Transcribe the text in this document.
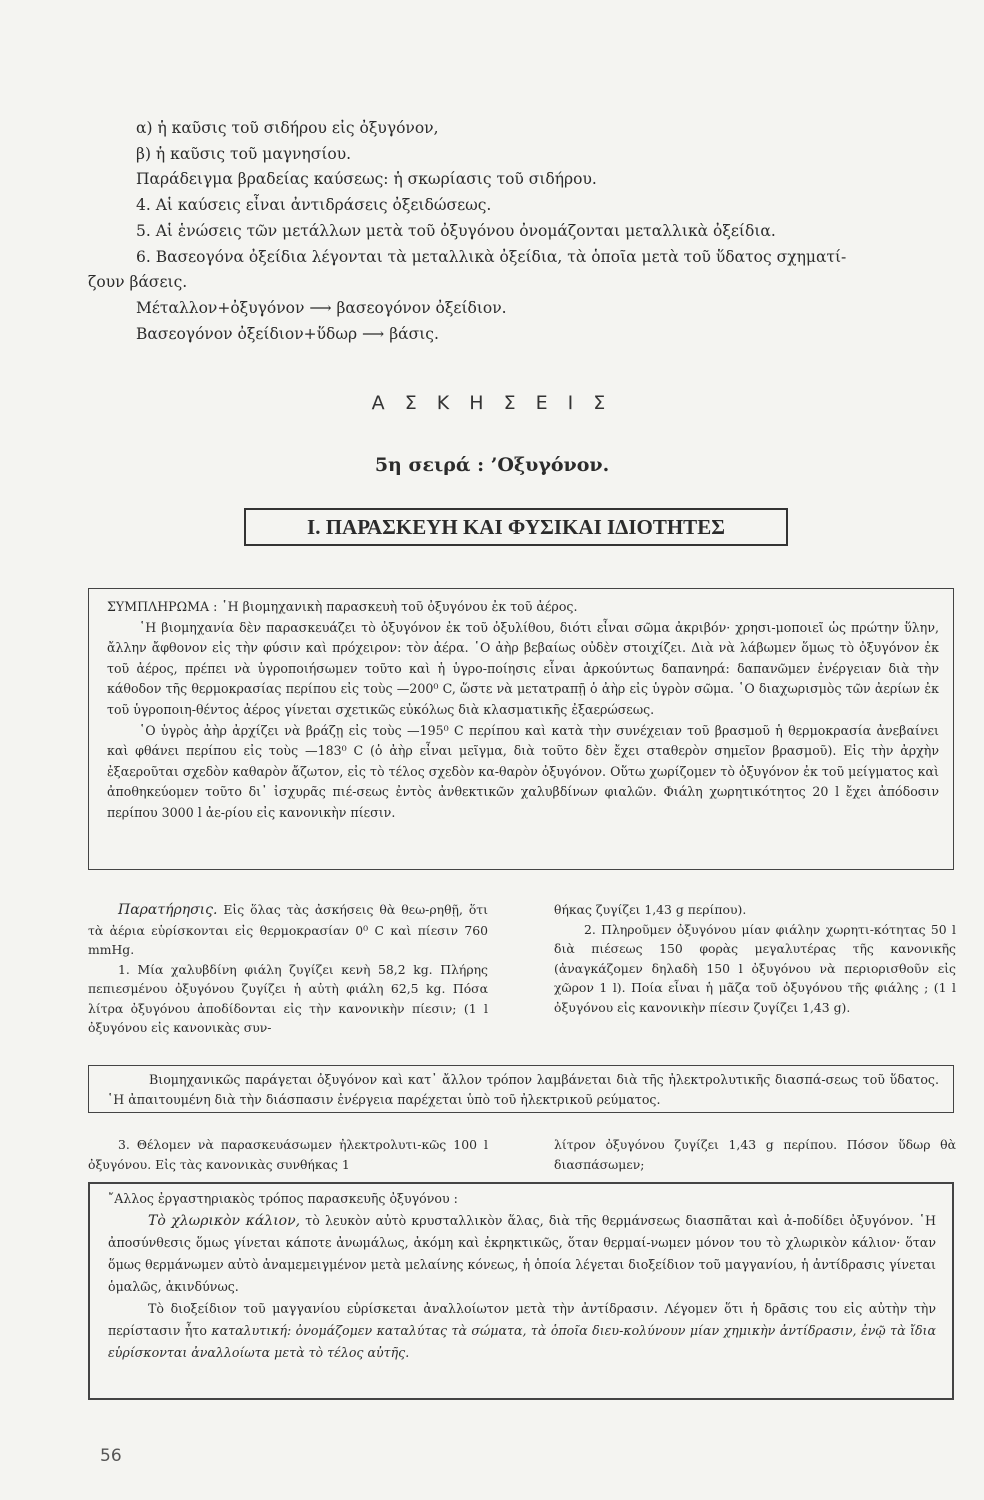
α) ἡ καῦσις τοῦ σιδήρου εἰς ὀξυγόνον,
β) ἡ καῦσις τοῦ μαγνησίου.
Παράδειγμα βραδείας καύσεως: ἡ σκωρίασις τοῦ σιδήρου.
4. Αἱ καύσεις εἶναι ἀντιδράσεις ὀξειδώσεως.
5. Αἱ ἑνώσεις τῶν μετάλλων μετὰ τοῦ ὀξυγόνου ὀνομάζονται μεταλλικὰ ὀξείδια.
6. Βασεογόνα ὀξείδια λέγονται τὰ μεταλλικὰ ὀξείδια, τὰ ὁποῖα μετὰ τοῦ ὕδατος σχηματί-
ζουν βάσεις.
Μέταλλον+ὀξυγόνον ⟶ βασεογόνον ὀξείδιον.
Βασεογόνον ὀξείδιον+ὕδωρ ⟶ βάσις.
Α Σ Κ Η Σ Ε Ι Σ
5η σειρά : ’Οξυγόνον.
Ι. ΠΑΡΑΣΚΕΥΗ ΚΑΙ ΦΥΣΙΚΑΙ ΙΔΙΟΤΗΤΕΣ

ΣΥΜΠΛΗΡΩΜΑ : ῾Η βιομηχανικὴ παρασκευὴ τοῦ ὀξυγόνου ἐκ τοῦ ἀέρος.

῾Η βιομηχανία δὲν παρασκευάζει τὸ ὀξυγόνον ἐκ τοῦ ὀξυλίθου, διότι εἶναι σῶμα ἀκριβόν· χρησι-μοποιεῖ ὡς πρώτην ὕλην, ἄλλην ἄφθονον εἰς τὴν φύσιν καὶ πρόχειρον: τὸν ἀέρα. ῾Ο ἀὴρ βεβαίως οὐδὲν στοιχίζει. Διὰ νὰ λάβωμεν ὅμως τὸ ὀξυγόνον ἐκ τοῦ ἀέρος, πρέπει νὰ ὑγροποιήσωμεν τοῦτο καὶ ἡ ὑγρο-ποίησις εἶναι ἀρκούντως δαπανηρά: δαπανῶμεν ἐνέργειαν διὰ τὴν κάθοδον τῆς θερμοκρασίας περίπου εἰς τοὺς —200⁰ C, ὥστε νὰ μετατραπῇ ὁ ἀὴρ εἰς ὑγρὸν σῶμα. ῾Ο διαχωρισμὸς τῶν ἀερίων ἐκ τοῦ ὑγροποιη-θέντος ἀέρος γίνεται σχετικῶς εὐκόλως διὰ κλασματικῆς ἐξαερώσεως.

῾Ο ὑγρὸς ἀὴρ ἀρχίζει νὰ βράζῃ εἰς τοὺς —195⁰ C περίπου καὶ κατὰ τὴν συνέχειαν τοῦ βρασμοῦ ἡ θερμοκρασία ἀνεβαίνει καὶ φθάνει περίπου εἰς τοὺς —183⁰ C (ὁ ἀὴρ εἶναι μεῖγμα, διὰ τοῦτο δὲν ἔχει σταθερὸν σημεῖον βρασμοῦ). Εἰς τὴν ἀρχὴν ἐξαεροῦται σχεδὸν καθαρὸν ἄζωτον, εἰς τὸ τέλος σχεδὸν κα-θαρὸν ὀξυγόνον. Οὕτω χωρίζομεν τὸ ὀξυγόνον ἐκ τοῦ μείγματος καὶ ἀποθηκεύομεν τοῦτο δι᾿ ἰσχυρᾶς πιέ-σεως ἐντὸς ἀνθεκτικῶν χαλυβδίνων φιαλῶν. Φιάλη χωρητικότητος 20 l ἔχει ἀπόδοσιν περίπου 3000 l ἀε-ρίου εἰς κανονικὴν πίεσιν.

Παρατήρησις. Εἰς ὅλας τὰς ἀσκήσεις θὰ θεω-ρηθῇ, ὅτι τὰ ἀέρια εὑρίσκονται εἰς θερμοκρασίαν 0⁰ C καὶ πίεσιν 760 mmHg.

1. Μία χαλυβδίνη φιάλη ζυγίζει κενὴ 58,2 kg. Πλήρης πεπιεσμένου ὀξυγόνου ζυγίζει ἡ αὐτὴ φιάλη 62,5 kg. Πόσα λίτρα ὀξυγόνου ἀποδίδονται εἰς τὴν κανονικὴν πίεσιν; (1 l ὀξυγόνου εἰς κανονικὰς συν-

θήκας ζυγίζει 1,43 g περίπου).

2. Πληροῦμεν ὀξυγόνου μίαν φιάλην χωρητι-κότητας 50 l διὰ πιέσεως 150 φορὰς μεγαλυτέρας τῆς κανονικῆς (ἀναγκάζομεν δηλαδὴ 150 l ὀξυγόνου νὰ περιορισθοῦν εἰς χῶρον 1 l). Ποία εἶναι ἡ μᾶζα τοῦ ὀξυγόνου τῆς φιάλης ; (1 l ὀξυγόνου εἰς κανονικὴν πίεσιν ζυγίζει 1,43 g).

Βιομηχανικῶς παράγεται ὀξυγόνον καὶ κατ᾿ ἄλλον τρόπον λαμβάνεται διὰ τῆς ἠλεκτρολυτικῆς διασπά-σεως τοῦ ὕδατος. ῾Η ἀπαιτουμένη διὰ τὴν διάσπασιν ἐνέργεια παρέχεται ὑπὸ τοῦ ἠλεκτρικοῦ ρεύματος.

3. Θέλομεν νὰ παρασκευάσωμεν ἠλεκτρολυτι-κῶς 100 l ὀξυγόνου. Εἰς τὰς κανονικὰς συνθήκας 1

λίτρον ὀξυγόνου ζυγίζει 1,43 g περίπου. Πόσον ὕδωρ θὰ διασπάσωμεν;

῎Αλλος ἐργαστηριακὸς τρόπος παρασκευῆς ὀξυγόνου :

Τὸ χλωρικὸν κάλιον, τὸ λευκὸν αὐτὸ κρυσταλλικὸν ἅλας, διὰ τῆς θερμάνσεως διασπᾶται καὶ ἀ-ποδίδει ὀξυγόνον. ῾Η ἀποσύνθεσις ὅμως γίνεται κάποτε ἀνωμάλως, ἀκόμη καὶ ἐκρηκτικῶς, ὅταν θερμαί-νωμεν μόνον του τὸ χλωρικὸν κάλιον· ὅταν ὅμως θερμάνωμεν αὐτὸ ἀναμεμειγμένον μετὰ μελαίνης κόνεως, ἡ ὁποία λέγεται διοξείδιον τοῦ μαγγανίου, ἡ ἀντίδρασις γίνεται ὁμαλῶς, ἀκινδύνως.

Τὸ διοξείδιον τοῦ μαγγανίου εὑρίσκεται ἀναλλοίωτον μετὰ τὴν ἀντίδρασιν. Λέγομεν ὅτι ἡ δρᾶσις του εἰς αὐτὴν τὴν περίστασιν ἦτο καταλυτική: ὀνομάζομεν καταλύτας τὰ σώματα, τὰ ὁποῖα διευ-κολύνουν μίαν χημικὴν ἀντίδρασιν, ἐνῷ τὰ ἴδια εὑρίσκονται ἀναλλοίωτα μετὰ τὸ τέλος αὐτῆς.

56
